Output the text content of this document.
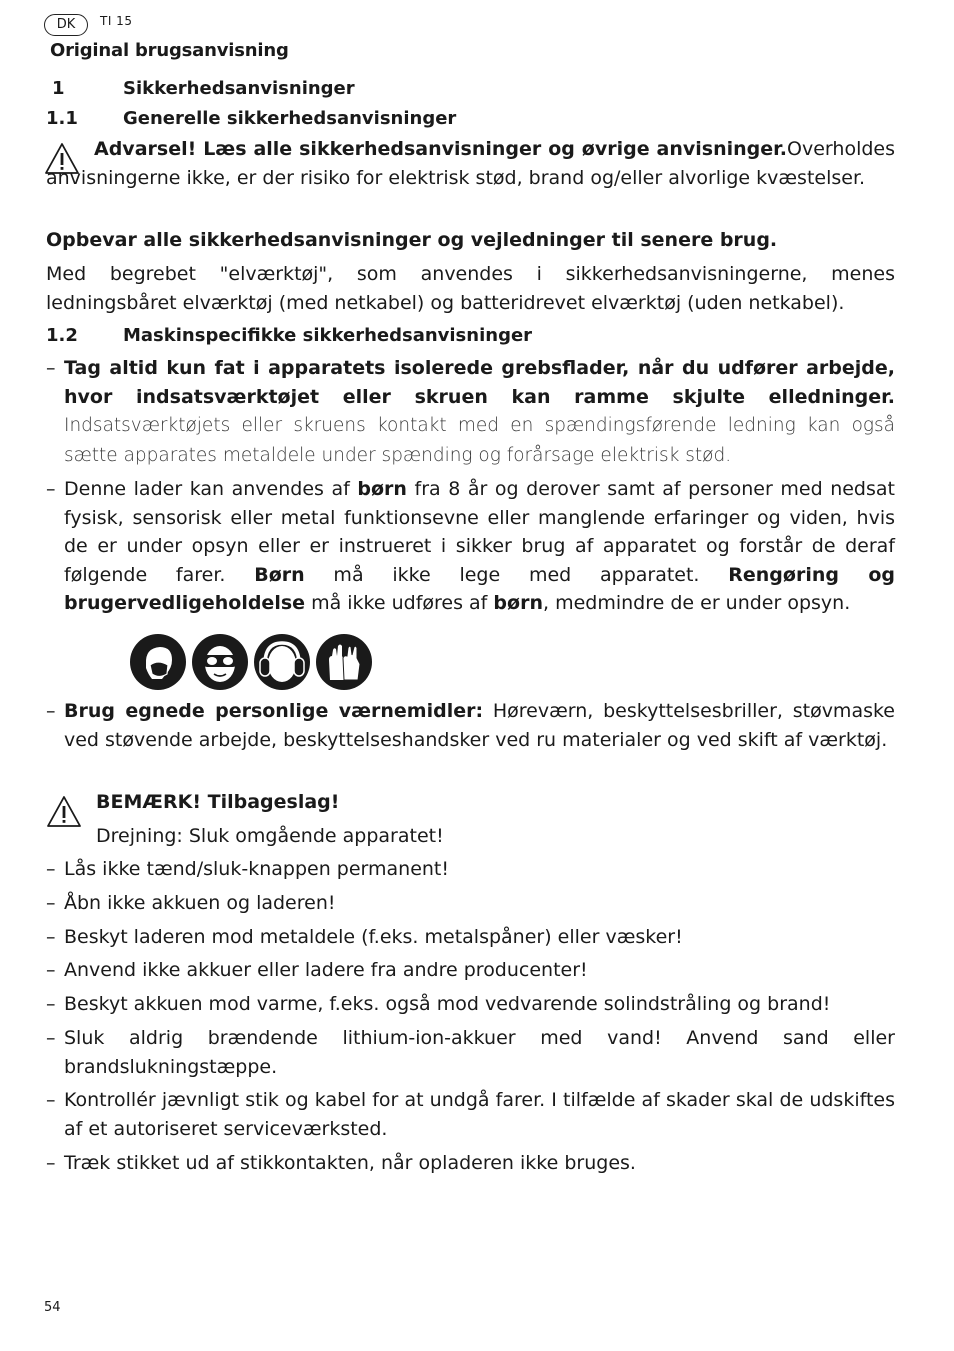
DK	TI 15
Original brugsanvisning
1	Sikkerhedsanvisninger
1.1	Generelle sikkerhedsanvisninger
Advarsel! Læs alle sikkerhedsanvisninger og øvrige anvisninger.Overholdes anvisningerne ikke, er der risiko for elektrisk stød, brand og/eller alvorlige kvæstelser.
Opbevar alle sikkerhedsanvisninger og vejledninger til senere brug.
Med begrebet "elværktøj", som anvendes i sikkerhedsanvisningerne, menes ledningsbåret elværktøj (med netkabel) og batteridrevet elværktøj (uden netkabel).
1.2	Maskinspecifikke sikkerhedsanvisninger
– Tag altid kun fat i apparatets isolerede grebsflader, når du udfører arbejde, hvor indsatsværktøjet eller skruen kan ramme skjulte elledninger. Indsatsværktøjets eller skruens kontakt med en spændingsførende ledning kan også sætte apparates metaldele under spænding og forårsage elektrisk stød.
– Denne lader kan anvendes af børn fra 8 år og derover samt af personer med nedsat fysisk, sensorisk eller metal funktionsevne eller manglende erfaringer og viden, hvis de er under opsyn eller er instrueret i sikker brug af apparatet og forstår de deraf følgende farer. Børn må ikke lege med apparatet. Rengøring og brugervedligeholdelse må ikke udføres af børn, medmindre de er under opsyn.
– Brug egnede personlige værnemidler: Høreværn, beskyttelsesbriller, støvmaske ved støvende arbejde, beskyttelseshandsker ved ru materialer og ved skift af værktøj.
BEMÆRK! Tilbageslag!
Drejning: Sluk omgående apparatet!
– Lås ikke tænd/sluk-knappen permanent!
– Åbn ikke akkuen og laderen!
– Beskyt laderen mod metaldele (f.eks. metalspåner) eller væsker!
– Anvend ikke akkuer eller ladere fra andre producenter!
– Beskyt akkuen mod varme, f.eks. også mod vedvarende solindstråling og brand!
– Sluk aldrig brændende lithium-ion-akkuer med vand! Anvend sand eller brandslukningstæppe.
– Kontrollér jævnligt stik og kabel for at undgå farer. I tilfælde af skader skal de udskiftes af et autoriseret serviceværksted.
– Træk stikket ud af stikkontakten, når opladeren ikke bruges.
54
